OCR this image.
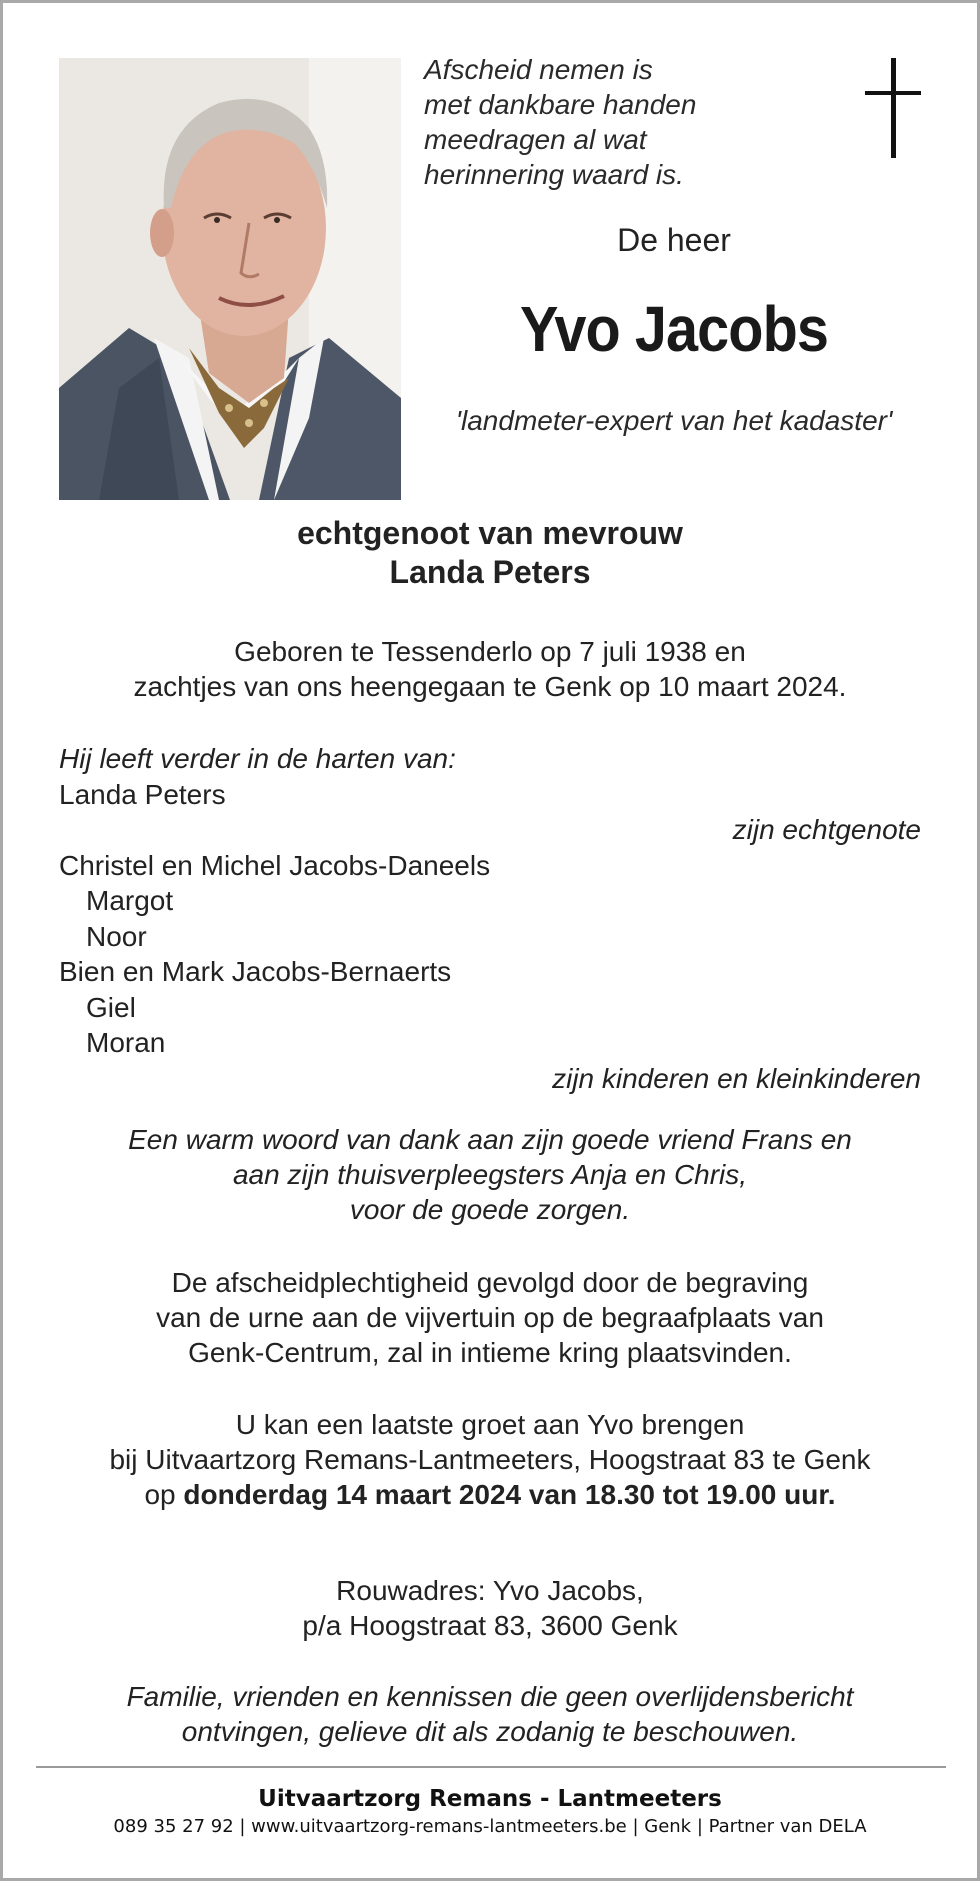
Afscheid nemen is
met dankbare handen
meedragen al wat
herinnering waard is.
De heer
Yvo Jacobs
'landmeter-expert van het kadaster'
echtgenoot van mevrouw
Landa Peters
Geboren te Tessenderlo op 7 juli 1938 en
zachtjes van ons heengegaan te Genk op 10 maart 2024.
Hij leeft verder in de harten van:
Landa Peters
zijn echtgenote
Christel en Michel Jacobs-Daneels
Margot
Noor
Bien en Mark Jacobs-Bernaerts
Giel
Moran
zijn kinderen en kleinkinderen
Een warm woord van dank aan zijn goede vriend Frans en
aan zijn thuisverpleegsters Anja en Chris,
voor de goede zorgen.
De afscheidplechtigheid gevolgd door de begraving
van de urne aan de vijvertuin op de begraafplaats van
Genk-Centrum, zal in intieme kring plaatsvinden.
U kan een laatste groet aan Yvo brengen
bij Uitvaartzorg Remans-Lantmeeters, Hoogstraat 83 te Genk
op donderdag 14 maart 2024 van 18.30 tot 19.00 uur.
Rouwadres: Yvo Jacobs,
p/a Hoogstraat 83, 3600 Genk
Familie, vrienden en kennissen die geen overlijdensbericht
ontvingen, gelieve dit als zodanig te beschouwen.
Uitvaartzorg Remans - Lantmeeters
089 35 27 92 | www.uitvaartzorg-remans-lantmeeters.be | Genk | Partner van DELA
